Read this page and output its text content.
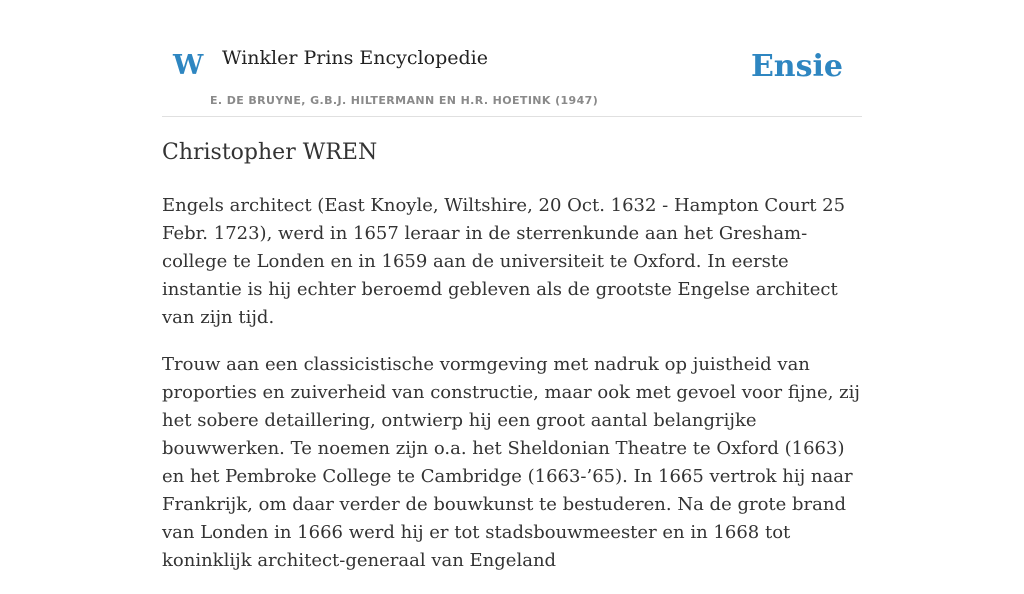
W Winkler Prins Encyclopedie
E. DE BRUYNE, G.B.J. HILTERMANN EN H.R. HOETINK (1947)
Ensie
Christopher WREN

Engels architect (East Knoyle, Wiltshire, 20 Oct. 1632 - Hampton Court 25 Febr. 1723), werd in 1657 leraar in de sterrenkunde aan het Gresham-college te Londen en in 1659 aan de universiteit te Oxford. In eerste instantie is hij echter beroemd gebleven als de grootste Engelse architect van zijn tijd.

Trouw aan een classicistische vormgeving met nadruk op juistheid van proporties en zuiverheid van constructie, maar ook met gevoel voor fijne, zij het sobere detaillering, ontwierp hij een groot aantal belangrijke bouwwerken. Te noemen zijn o.a. het Sheldonian Theatre te Oxford (1663) en het Pembroke College te Cambridge (1663-’65). In 1665 vertrok hij naar Frankrijk, om daar verder de bouwkunst te bestuderen. Na de grote brand van Londen in 1666 werd hij er tot stadsbouwmeester en in 1668 tot koninklijk architect-generaal van Engeland
